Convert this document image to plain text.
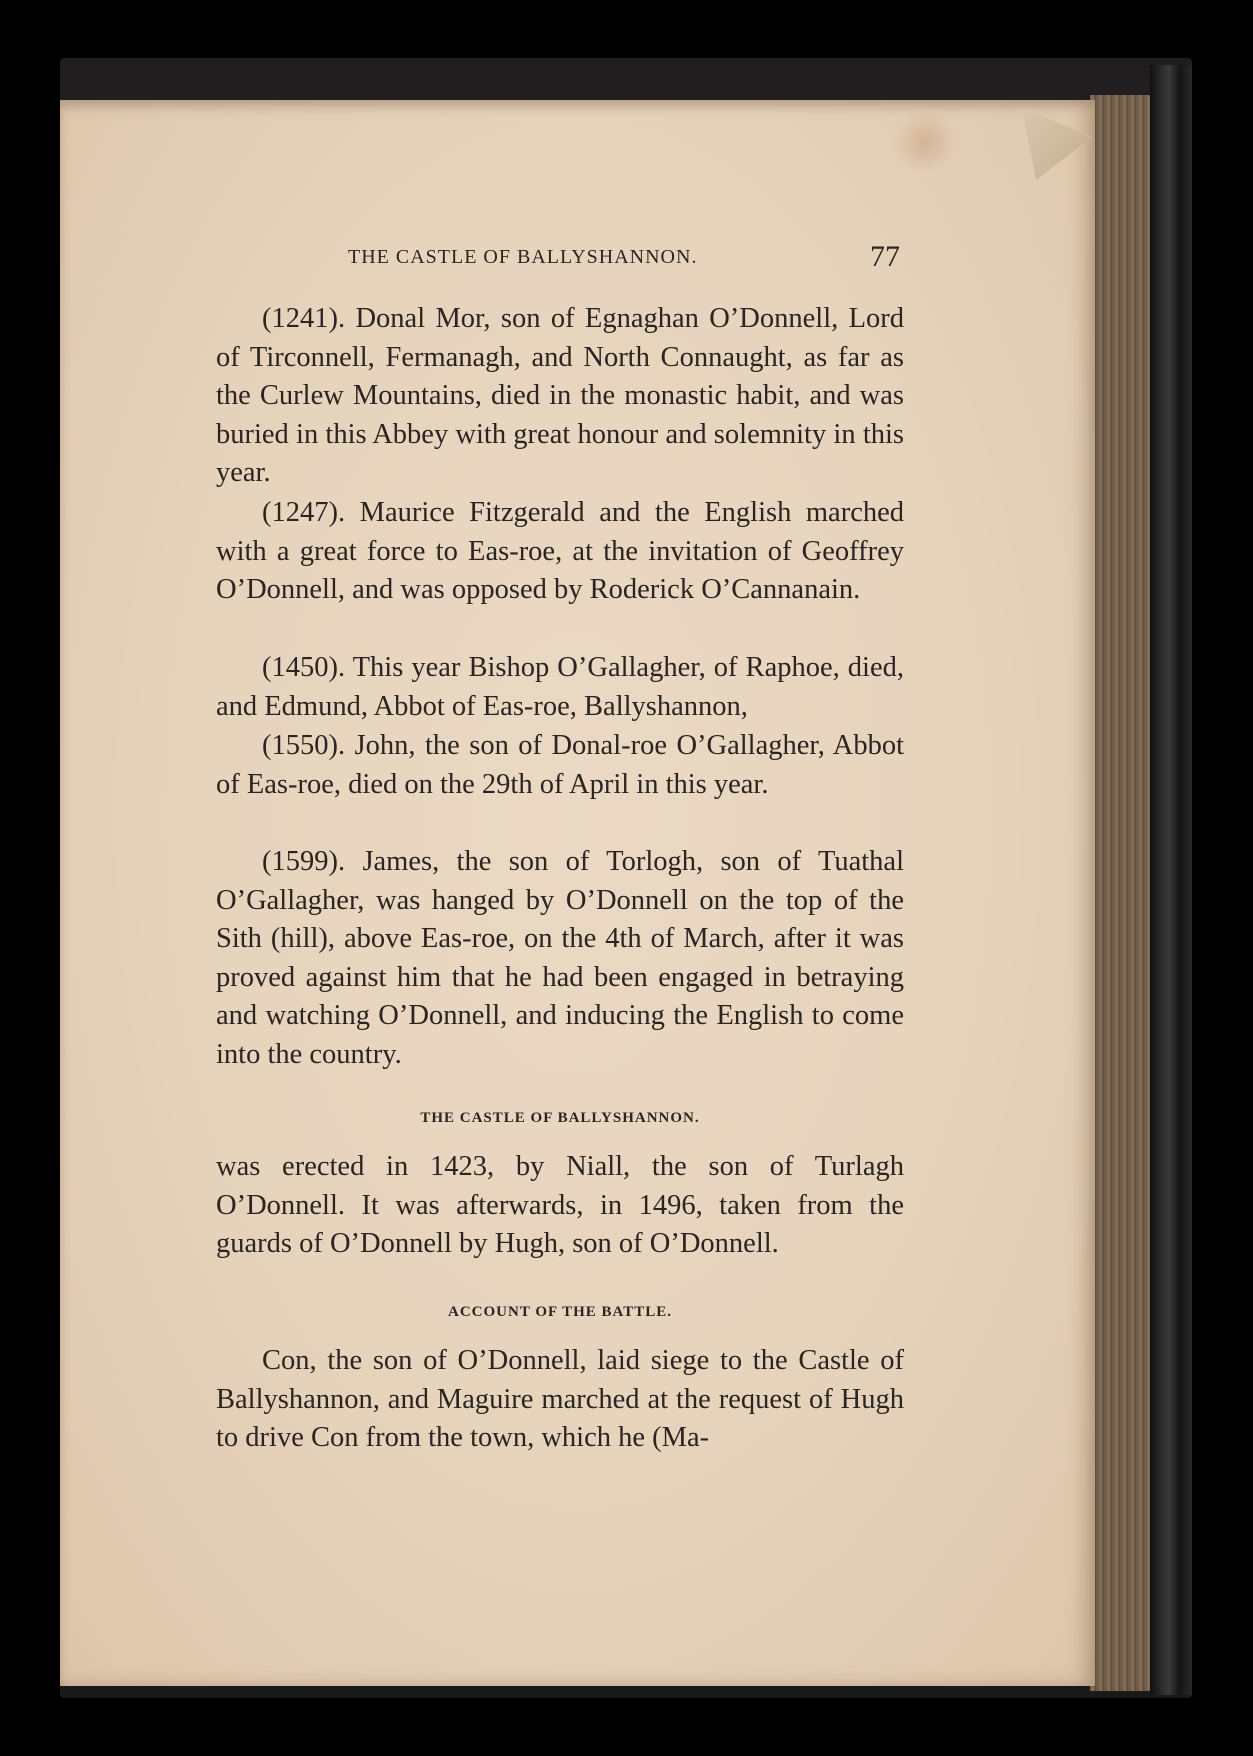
THE CASTLE OF BALLYSHANNON.	77

(1241). Donal Mor, son of Egnaghan O’Donnell, Lord of Tirconnell, Fermanagh, and North Connaught, as far as the Curlew Mountains, died in the monastic habit, and was buried in this Abbey with great honour and solemnity in this year.

(1247). Maurice Fitzgerald and the English marched with a great force to Eas-roe, at the invitation of Geoffrey O’Donnell, and was opposed by Roderick O’Cannanain.

(1450). This year Bishop O’Gallagher, of Raphoe, died, and Edmund, Abbot of Eas-roe, Ballyshannon,

(1550). John, the son of Donal-roe O’Gallagher, Abbot of Eas-roe, died on the 29th of April in this year.

(1599). James, the son of Torlogh, son of Tuathal O’Gallagher, was hanged by O’Donnell on the top of the Sith (hill), above Eas-roe, on the 4th of March, after it was proved against him that he had been engaged in betraying and watching O’Donnell, and inducing the English to come into the country.

THE CASTLE OF BALLYSHANNON.

was erected in 1423, by Niall, the son of Turlagh O’Donnell. It was afterwards, in 1496, taken from the guards of O’Donnell by Hugh, son of O’Donnell.

ACCOUNT OF THE BATTLE.

Con, the son of O’Donnell, laid siege to the Castle of Ballyshannon, and Maguire marched at the request of Hugh to drive Con from the town, which he (Ma-
